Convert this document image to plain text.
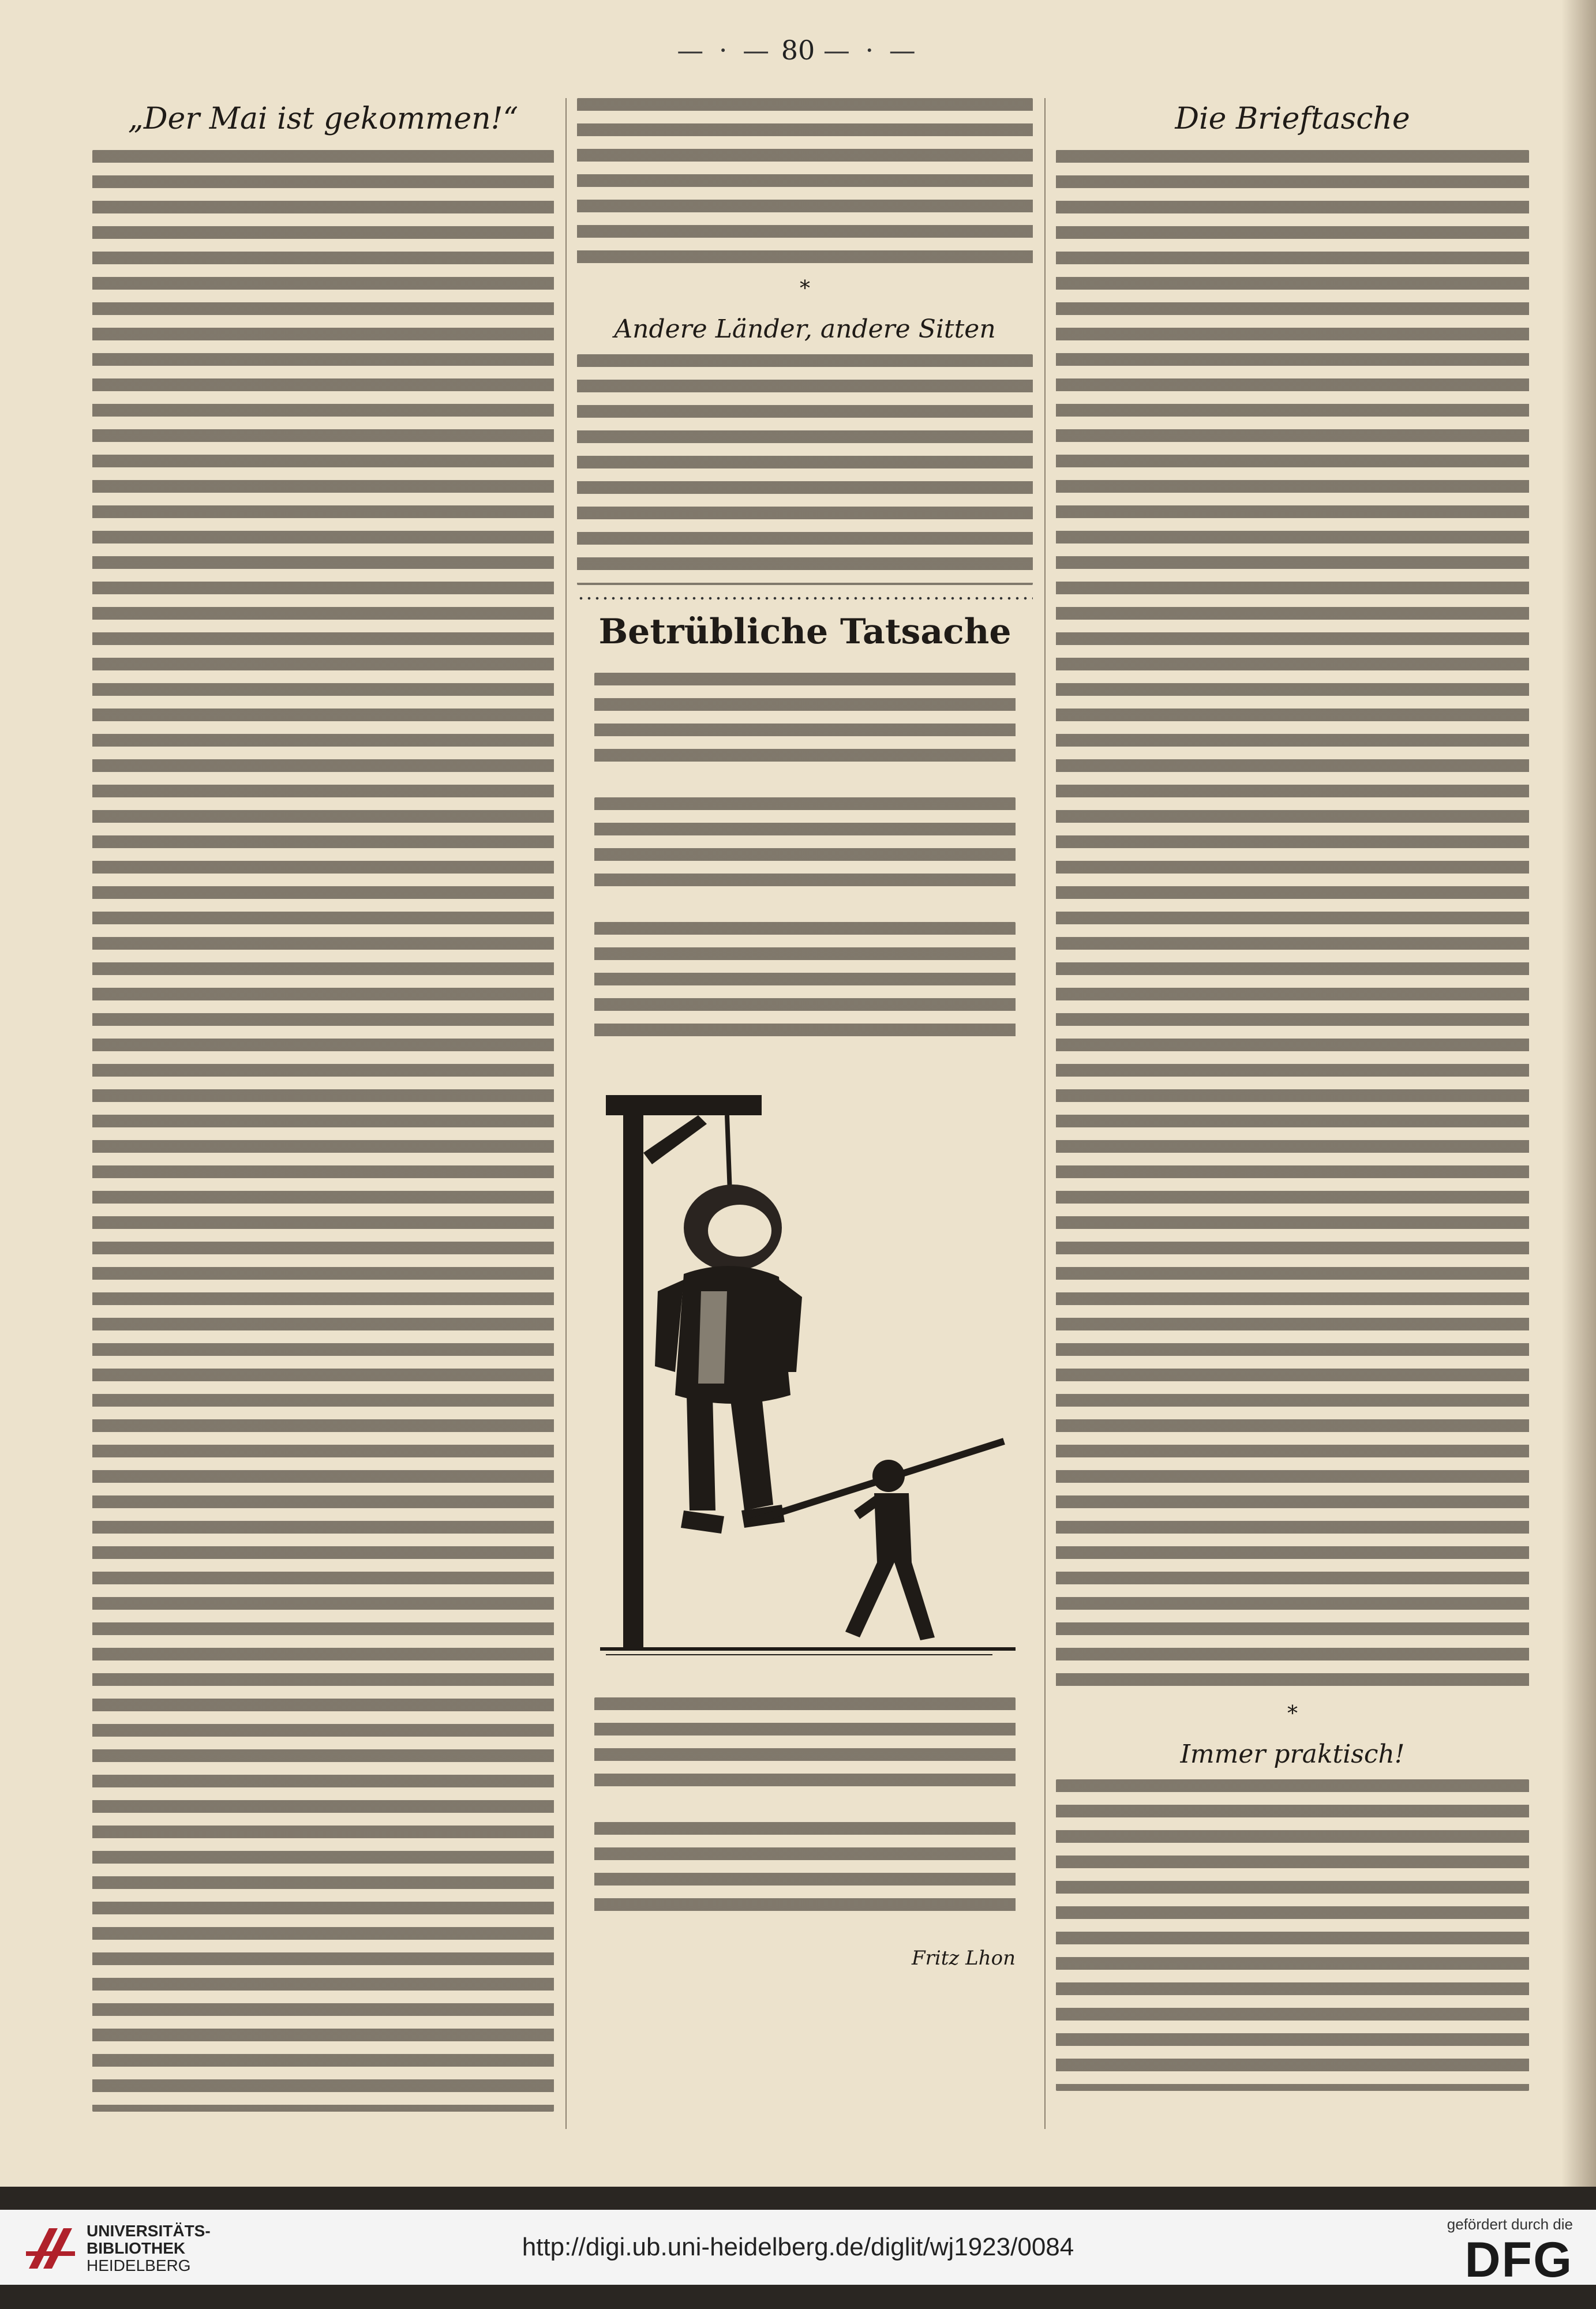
— · — 80 — · —
„Der Mai ist gekommen!“
*
Andere Länder, andere Sitten
Betrübliche Tatsache
Fritz Lhon
Die Brieftasche
*
Immer praktisch!
UNIVERSITÄTS-
BIBLIOTHEK
HEIDELBERG
http://digi.ub.uni-heidelberg.de/diglit/wj1923/0084
gefördert durch die
DFG
